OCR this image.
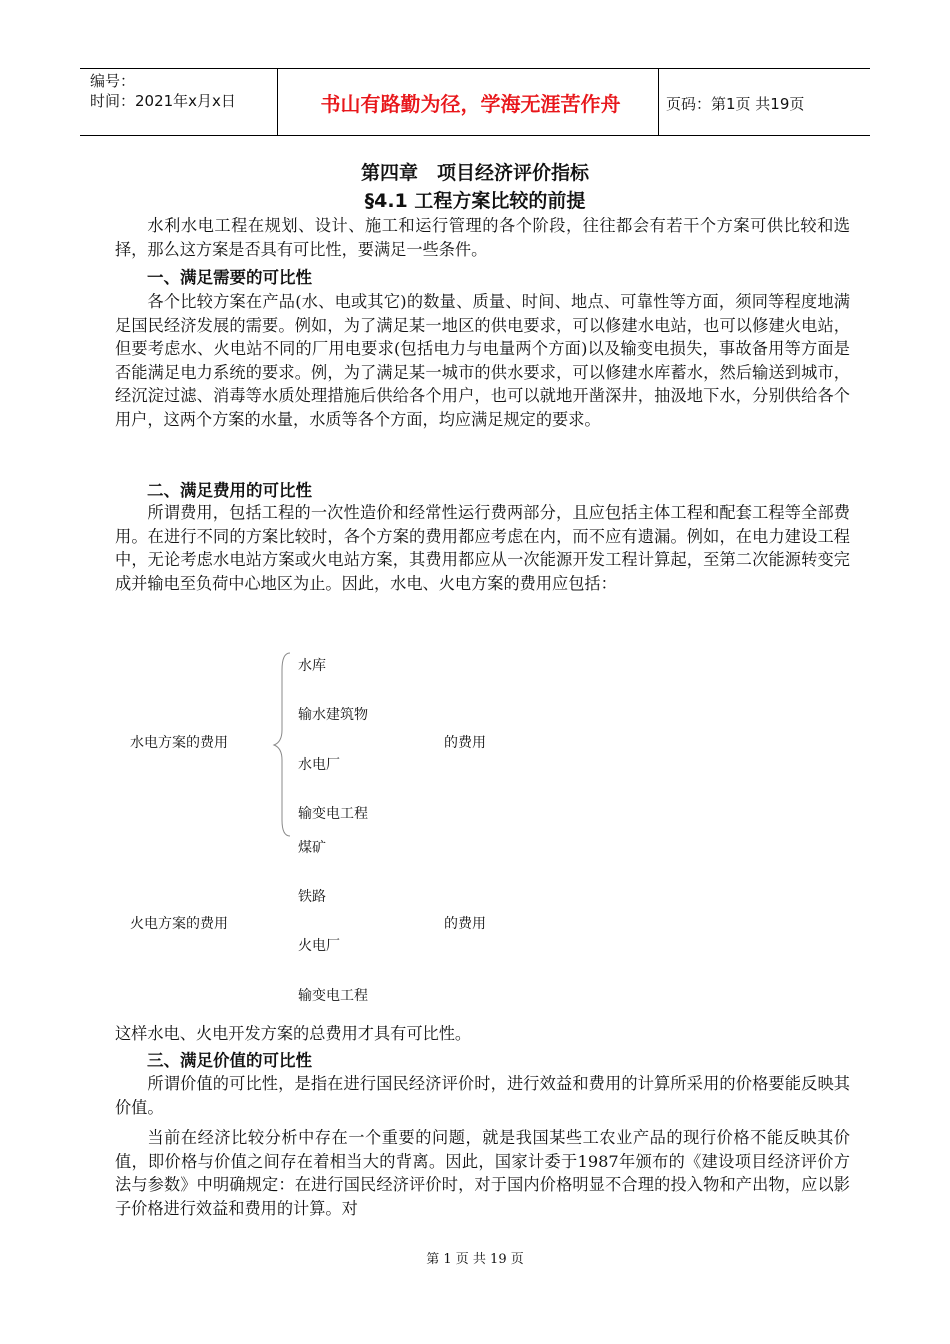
编号：
时间：2021年x月x日	书山有路勤为径，学海无涯苦作舟	页码：第1页 共19页
第四章　项目经济评价指标
§4.1 工程方案比较的前提

水利水电工程在规划、设计、施工和运行管理的各个阶段，往往都会有若干个方案可供比较和选择，那么这方案是否具有可比性，要满足一些条件。

一、满足需要的可比性

各个比较方案在产品(水、电或其它)的数量、质量、时间、地点、可靠性等方面，须同等程度地满足国民经济发展的需要。例如，为了满足某一地区的供电要求，可以修建水电站，也可以修建火电站，但要考虑水、火电站不同的厂用电要求(包括电力与电量两个方面)以及输变电损失，事故备用等方面是否能满足电力系统的要求。例，为了满足某一城市的供水要求，可以修建水库蓄水，然后输送到城市，经沉淀过滤、消毒等水质处理措施后供给各个用户，也可以就地开凿深井，抽汲地下水，分别供给各个用户，这两个方案的水量，水质等各个方面，均应满足规定的要求。

二、满足费用的可比性

所谓费用，包括工程的一次性造价和经常性运行费两部分，且应包括主体工程和配套工程等全部费用。在进行不同的方案比较时，各个方案的费用都应考虑在内，而不应有遗漏。例如，在电力建设工程中，无论考虑水电站方案或火电站方案，其费用都应从一次能源开发工程计算起，至第二次能源转变完成并输电至负荷中心地区为止。因此，水电、火电方案的费用应包括：

水电方案的费用
水库
输水建筑物
水电厂
输变电工程
的费用
火电方案的费用
煤矿
铁路
火电厂
输变电工程
的费用

这样水电、火电开发方案的总费用才具有可比性。

三、满足价值的可比性

所谓价值的可比性，是指在进行国民经济评价时，进行效益和费用的计算所采用的价格要能反映其价值。

当前在经济比较分析中存在一个重要的问题，就是我国某些工农业产品的现行价格不能反映其价值，即价格与价值之间存在着相当大的背离。因此，国家计委于1987年颁布的《建设项目经济评价方法与参数》中明确规定：在进行国民经济评价时，对于国内价格明显不合理的投入物和产出物，应以影子价格进行效益和费用的计算。对

第 1 页 共 19 页
